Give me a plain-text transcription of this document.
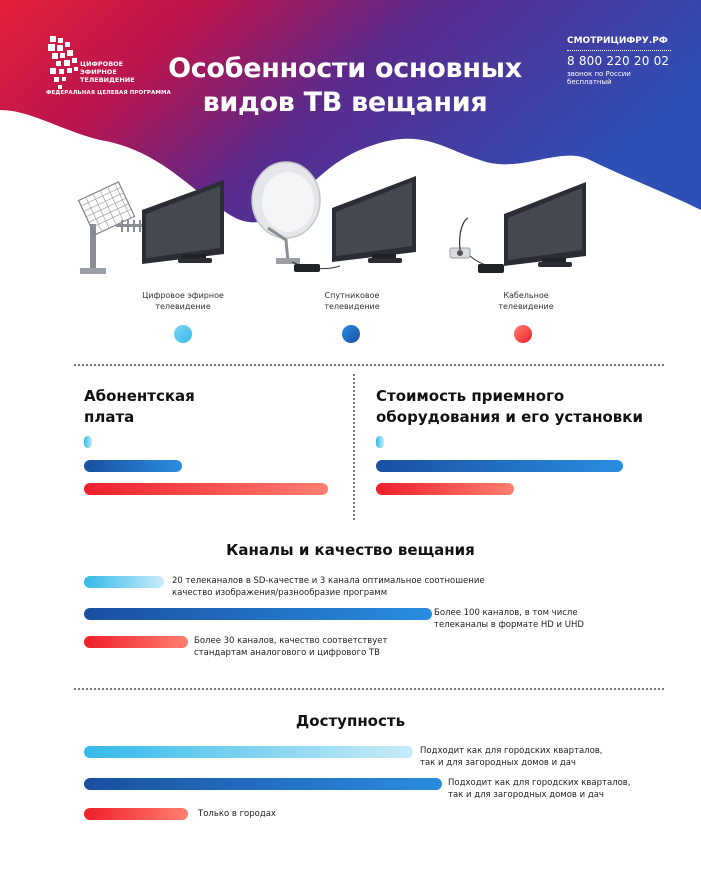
ЦИФРОВОЕ
ЭФИРНОЕ
ТЕЛЕВИДЕНИЕ
ФЕДЕРАЛЬНАЯ ЦЕЛЕВАЯ ПРОГРАММА
Особенности основных
видов ТВ вещания
СМОТРИЦИФРУ.РФ
8 800 220 20 02
звонок по России
бесплатный
Цифровое эфирное
телевидение
Спутниковое
телевидение
Кабельное
телевидение
Абонентская
плата
Стоимость приемного
оборудования и его установки
Каналы и качество вещания
20 телеканалов в SD-качестве и 3 канала оптимальное соотношение
качество изображения/разнообразие программ
Более 100 каналов, в том числе
телеканалы в формате HD и UHD
Более 30 каналов, качество соответствует
стандартам аналогового и цифрового ТВ
Доступность
Подходит как для городских кварталов,
так и для загородных домов и дач
Подходит как для городских кварталов,
так и для загородных домов и дач
Только в городах
